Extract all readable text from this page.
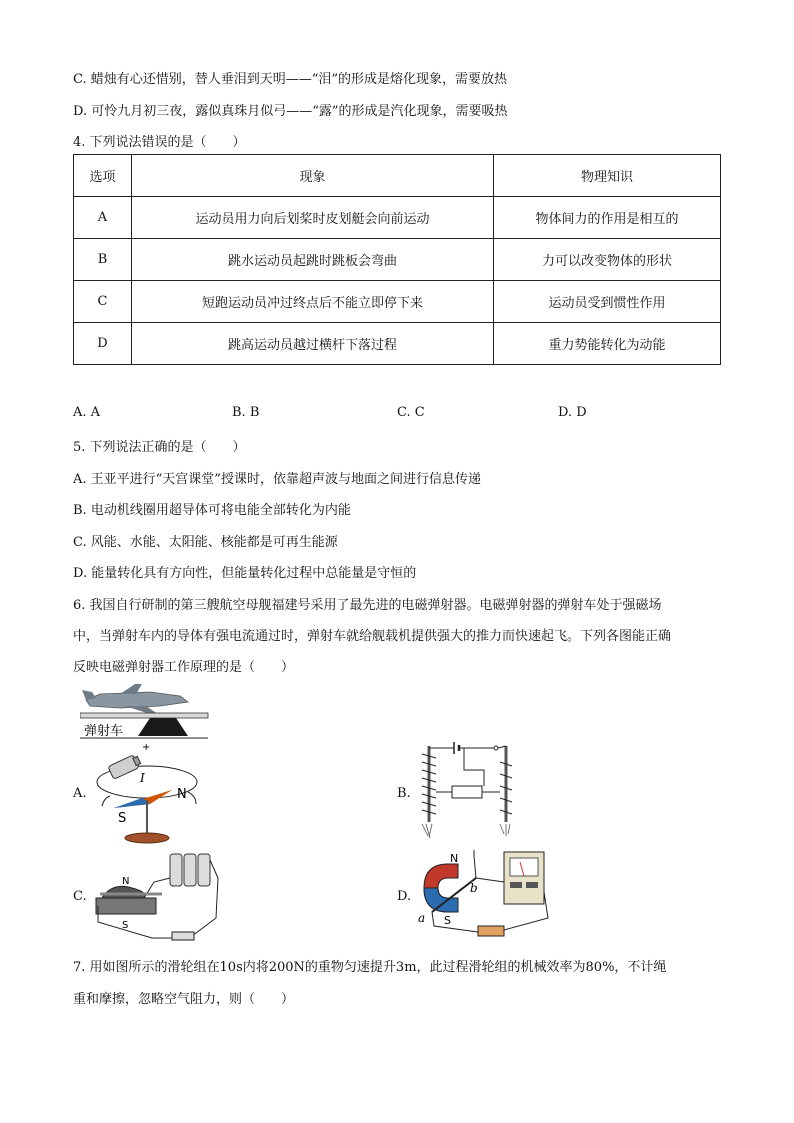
C. 蜡烛有心还惜别，替人垂泪到天明——“泪”的形成是熔化现象，需要放热
D. 可怜九月初三夜，露似真珠月似弓——“露”的形成是汽化现象，需要吸热
4. 下列说法错误的是（　　）
选项	现象	物理知识
A	运动员用力向后划桨时皮划艇会向前运动	物体间力的作用是相互的
B	跳水运动员起跳时跳板会弯曲	力可以改变物体的形状
C	短跑运动员冲过终点后不能立即停下来	运动员受到惯性作用
D	跳高运动员越过横杆下落过程	重力势能转化为动能
A. A	B. B	C. C	D. D
5. 下列说法正确的是（　　）
A. 王亚平进行“天宫课堂”授课时，依靠超声波与地面之间进行信息传递
B. 电动机线圈用超导体可将电能全部转化为内能
C. 风能、水能、太阳能、核能都是可再生能源
D. 能量转化具有方向性，但能量转化过程中总能量是守恒的
6. 我国自行研制的第三艘航空母舰福建号采用了最先进的电磁弹射器。电磁弹射器的弹射车处于强磁场
中，当弹射车内的导体有强电流通过时，弹射车就给舰载机提供强大的推力而快速起飞。下列各图能正确
反映电磁弹射器工作原理的是（　　）
弹射车
A.
+
I
S
N	B.
C.
N
S
D.
N
S
a
b
7. 用如图所示的滑轮组在10s内将200N的重物匀速提升3m，此过程滑轮组的机械效率为80%，不计绳
重和摩擦，忽略空气阻力，则（　　）
